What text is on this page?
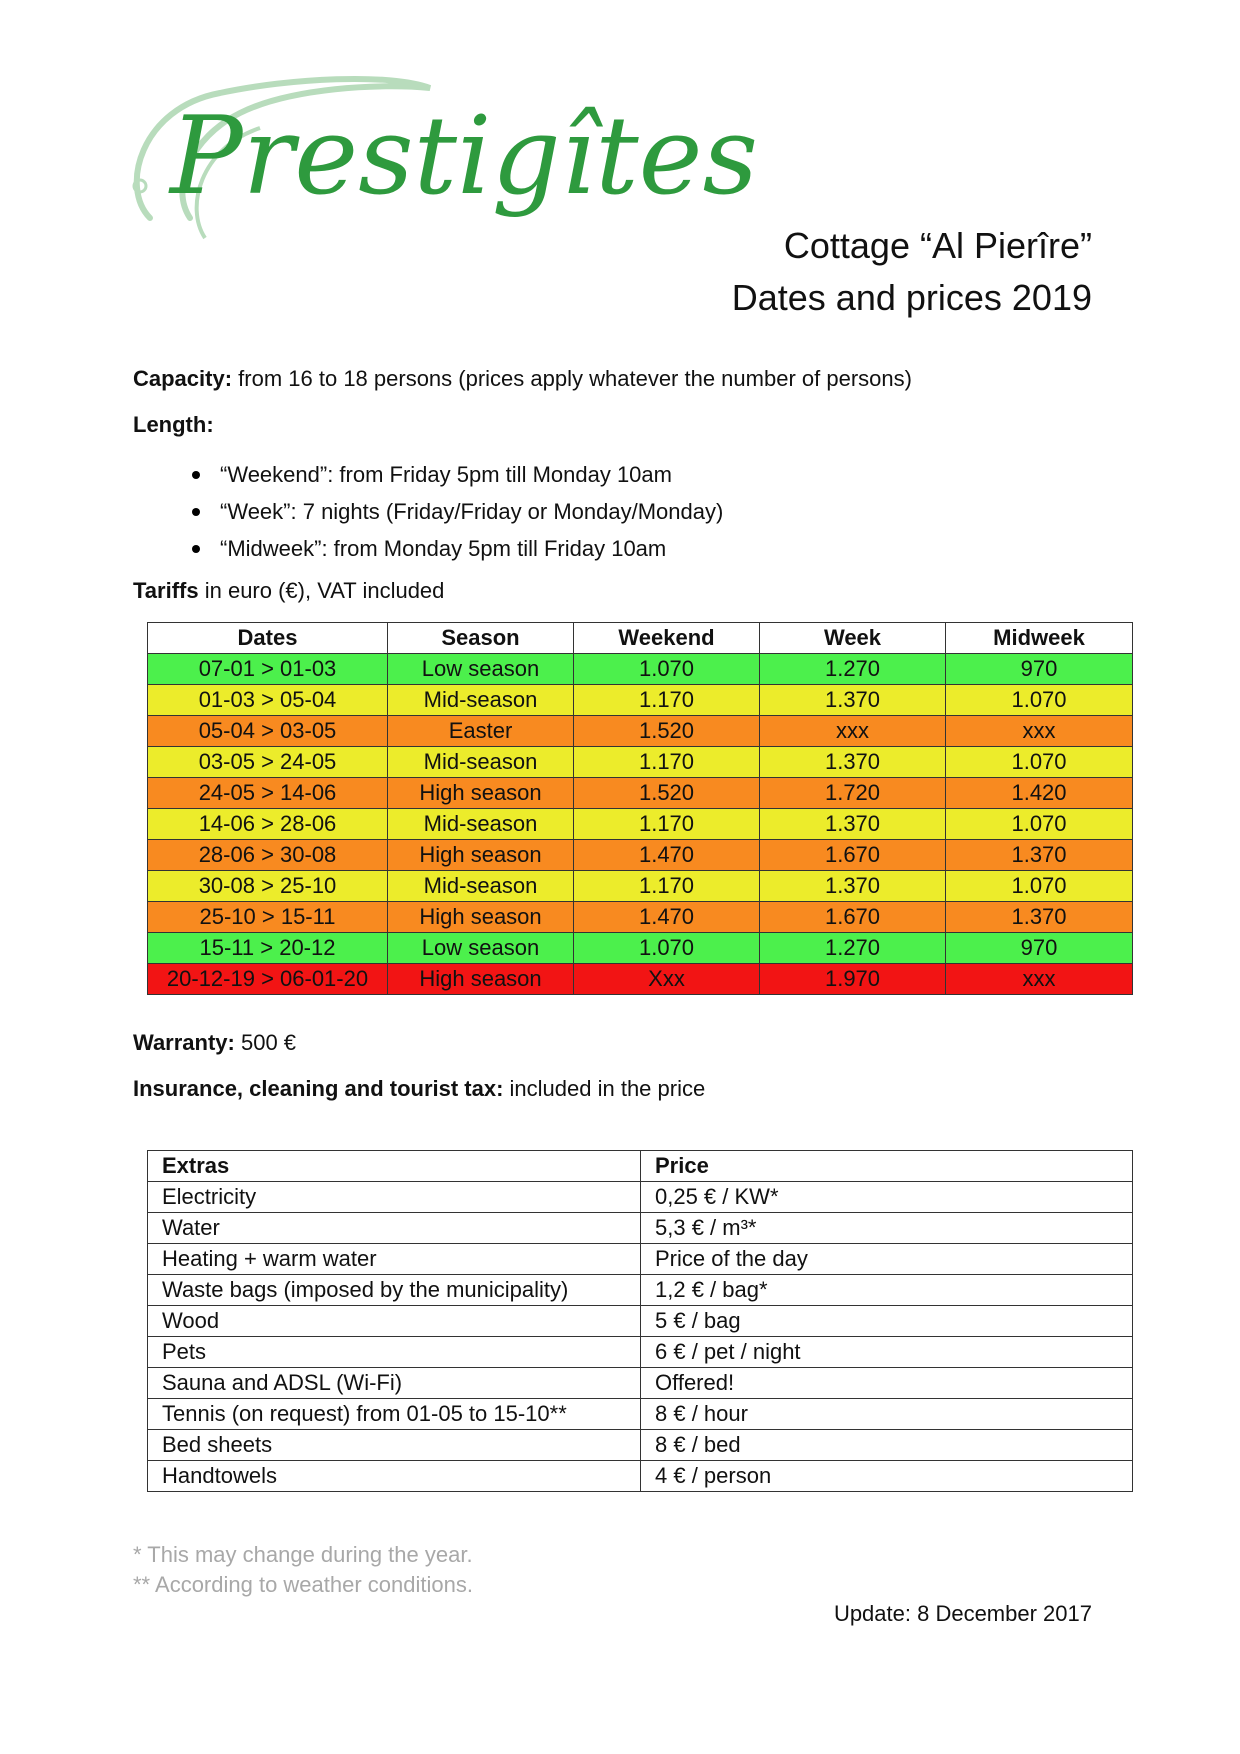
Prestigîtes
Cottage “Al Pierîre”
Dates and prices 2019
Capacity: from 16 to 18 persons (prices apply whatever the number of persons)
Length:
“Weekend”: from Friday 5pm till Monday 10am
“Week”: 7 nights (Friday/Friday or Monday/Monday)
“Midweek”: from Monday 5pm till Friday 10am
Tariffs in euro (€), VAT included
Dates	Season	Weekend	Week	Midweek
07-01 > 01-03	Low season	1.070	1.270	970
01-03 > 05-04	Mid-season	1.170	1.370	1.070
05-04 > 03-05	Easter	1.520	xxx	xxx
03-05 > 24-05	Mid-season	1.170	1.370	1.070
24-05 > 14-06	High season	1.520	1.720	1.420
14-06 > 28-06	Mid-season	1.170	1.370	1.070
28-06 > 30-08	High season	1.470	1.670	1.370
30-08 > 25-10	Mid-season	1.170	1.370	1.070
25-10 > 15-11	High season	1.470	1.670	1.370
15-11 > 20-12	Low season	1.070	1.270	970
20-12-19 > 06-01-20	High season	Xxx	1.970	xxx
Warranty: 500 €
Insurance, cleaning and tourist tax: included in the price
Extras	Price
Electricity	0,25 € / KW*
Water	5,3 € / m³*
Heating + warm water	Price of the day
Waste bags (imposed by the municipality)	1,2 € / bag*
Wood	5 € / bag
Pets	6 € / pet / night
Sauna and ADSL (Wi-Fi)	Offered!
Tennis (on request) from 01-05 to 15-10**	8 € / hour
Bed sheets	8 € / bed
Handtowels	4 € / person
* This may change during the year.
** According to weather conditions.
Update: 8 December 2017
